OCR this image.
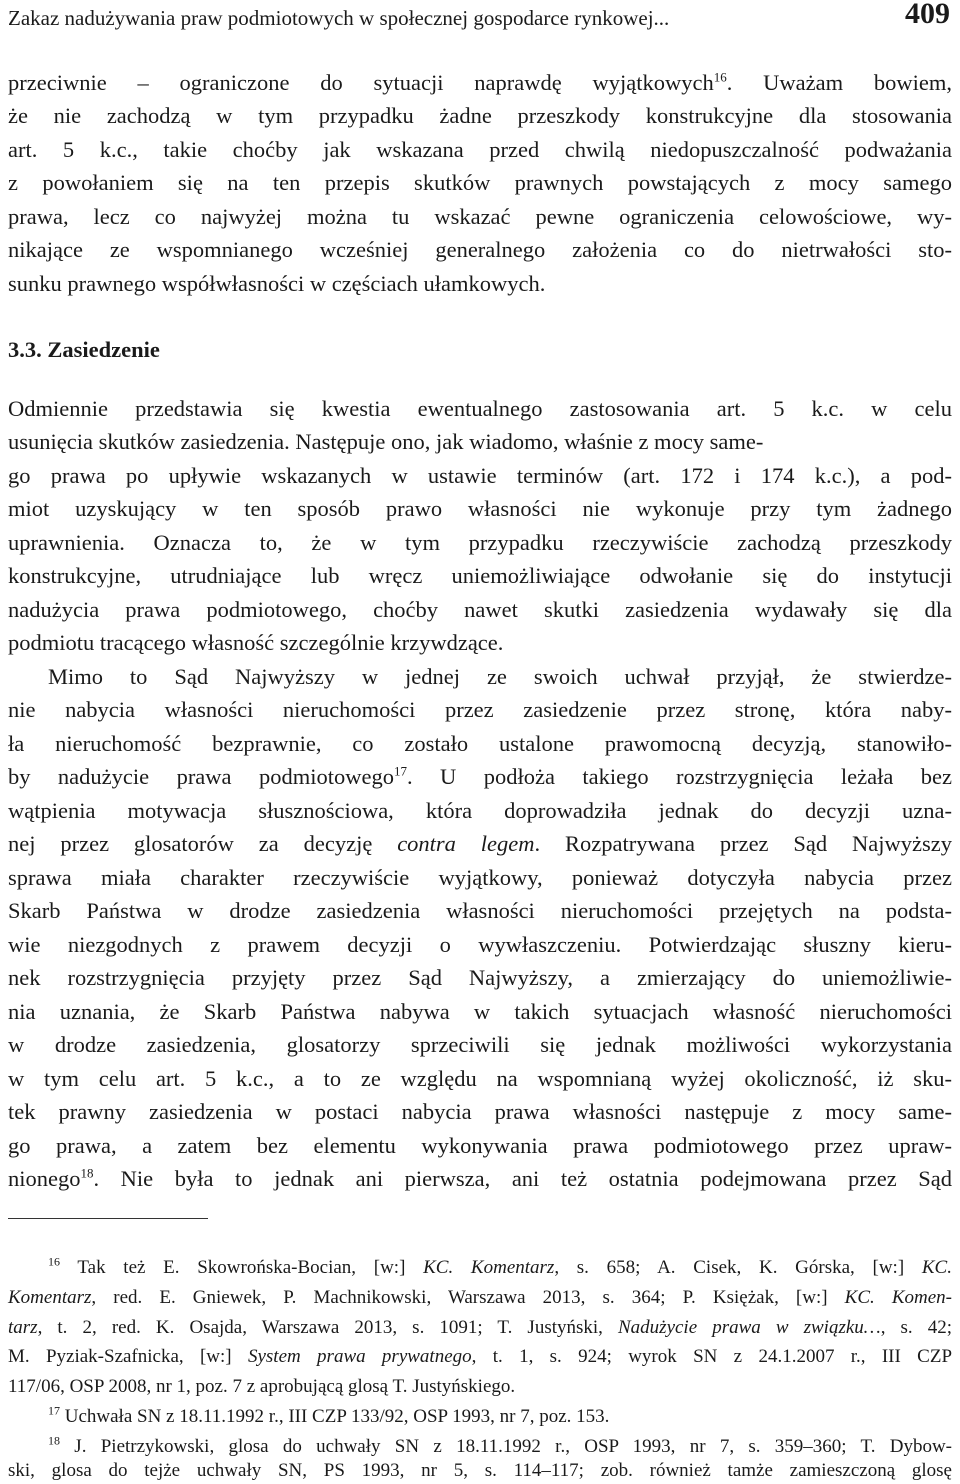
Zakaz nadużywania praw podmiotowych w społecznej gospodarce rynkowej...	409
przeciwnie – ograniczone do sytuacji naprawdę wyjątkowych$^{16}$. Uważam bowiem,
że nie zachodzą w tym przypadku żadne przeszkody konstrukcyjne dla stosowania
art. 5 k.c., takie choćby jak wskazana przed chwilą niedopuszczalność podważania
z powołaniem się na ten przepis skutków prawnych powstających z mocy samego
prawa, lecz co najwyżej można tu wskazać pewne ograniczenia celowościowe, wy-
nikające ze wspomnianego wcześniej generalnego założenia co do nietrwałości sto-
sunku prawnego współwłasności w częściach ułamkowych.
3.3. Zasiedzenie
Odmiennie przedstawia się kwestia ewentualnego zastosowania art. 5 k.c. w celu
usunięcia skutków zasiedzenia. Następuje ono, jak wiadomo, właśnie z mocy same-
go prawa po upływie wskazanych w ustawie terminów (art. 172 i 174 k.c.), a pod-
miot uzyskujący w ten sposób prawo własności nie wykonuje przy tym żadnego
uprawnienia. Oznacza to, że w tym przypadku rzeczywiście zachodzą przeszkody
konstrukcyjne, utrudniające lub wręcz uniemożliwiające odwołanie się do instytucji
nadużycia prawa podmiotowego, choćby nawet skutki zasiedzenia wydawały się dla
podmiotu tracącego własność szczególnie krzywdzące.
Mimo to Sąd Najwyższy w jednej ze swoich uchwał przyjął, że stwierdze-
nie nabycia własności nieruchomości przez zasiedzenie przez stronę, która naby-
ła nieruchomość bezprawnie, co zostało ustalone prawomocną decyzją, stanowiło-
by nadużycie prawa podmiotowego$^{17}$. U podłoża takiego rozstrzygnięcia leżała bez
wątpienia motywacja słusznościowa, która doprowadziła jednak do decyzji uzna-
nej przez glosatorów za decyzję contra legem. Rozpatrywana przez Sąd Najwyższy
sprawa miała charakter rzeczywiście wyjątkowy, ponieważ dotyczyła nabycia przez
Skarb Państwa w drodze zasiedzenia własności nieruchomości przejętych na podsta-
wie niezgodnych z prawem decyzji o wywłaszczeniu. Potwierdzając słuszny kieru-
nek rozstrzygnięcia przyjęty przez Sąd Najwyższy, a zmierzający do uniemożliwie-
nia uznania, że Skarb Państwa nabywa w takich sytuacjach własność nieruchomości
w drodze zasiedzenia, glosatorzy sprzeciwili się jednak możliwości wykorzystania
w tym celu art. 5 k.c., a to ze względu na wspomnianą wyżej okoliczność, iż sku-
tek prawny zasiedzenia w postaci nabycia prawa własności następuje z mocy same-
go prawa, a zatem bez elementu wykonywania prawa podmiotowego przez upraw-
nionego$^{18}$. Nie była to jednak ani pierwsza, ani też ostatnia podejmowana przez Sąd
$^{16}$ Tak też E. Skowrońska-Bocian, [w:] KC. Komentarz, s. 658; A. Cisek, K. Górska, [w:] KC.
Komentarz, red. E. Gniewek, P. Machnikowski, Warszawa 2013, s. 364; P. Księżak, [w:] KC. Komen-
tarz, t. 2, red. K. Osajda, Warszawa 2013, s. 1091; T. Justyński, Nadużycie prawa w związku…, s. 42;
M. Pyziak-Szafnicka, [w:] System prawa prywatnego, t. 1, s. 924; wyrok SN z 24.1.2007 r., III CZP
117/06, OSP 2008, nr 1, poz. 7 z aprobującą glosą T. Justyńskiego.
$^{17}$ Uchwała SN z 18.11.1992 r., III CZP 133/92, OSP 1993, nr 7, poz. 153.
$^{18}$ J. Pietrzykowski, glosa do uchwały SN z 18.11.1992 r., OSP 1993, nr 7, s. 359–360; T. Dybow-
ski, glosa do tejże uchwały SN, PS 1993, nr 5, s. 114–117; zob. również tamże zamieszczoną glosę
